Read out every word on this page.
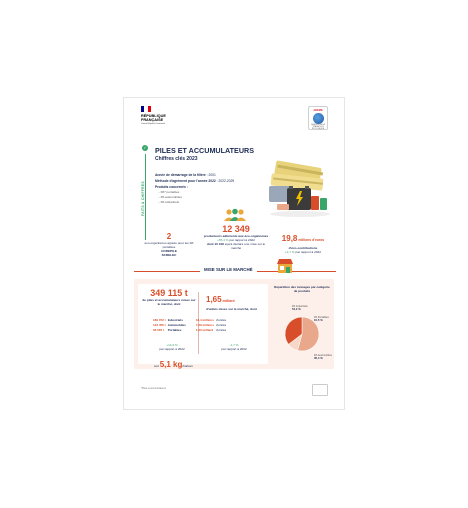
RÉPUBLIQUE
FRANÇAISE
Liberté Égalité Fraternité
ADEME
AGENCE DE LA TRANSITION ÉCOLOGIQUE
✓
FAITS & CHIFFRES
PILES ET ACCUMULATEURS
Chiffres clés 2023
Année de démarrage de la filière : 2001
Méthode d'agrément pour l'année 2022 : 2022-2029
Produits concernés :
– PA* portables
– PA automobiles
– PA industriels
2
éco-organismes agréés pour les PA portables
COREPILE
SCRELEC
12 349
producteurs adhérents aux éco-organismes
+55,4 % par rapport à 2022
dont 10 318 ayant déclaré une mise sur le marché
19,8 millions d'euros
d'éco-contributions
+4,7 % par rapport à 2022
MISE SUR LE MARCHÉ
349 115 t
de piles et accumulateurs mises sur le marché, dont
1,65 milliard
d'unités mises sur le marché, dont
189 072 t	Industriels		18,4 millions	d'unités
123 456 t	Automobiles		7,29 millions	d'unités
36 587 t	Portables		1,63 milliard	d'unités
+14,6 %
par rapport à 2022
-1,7 %
par rapport à 2022
soit 5,1 kg/hab/an
Répartition des tonnages par catégorie de produits
PA Industriels
54,2 %
PA Portables
10,5 %
PA Automobiles
35,4 %
*Piles et accumulateurs
